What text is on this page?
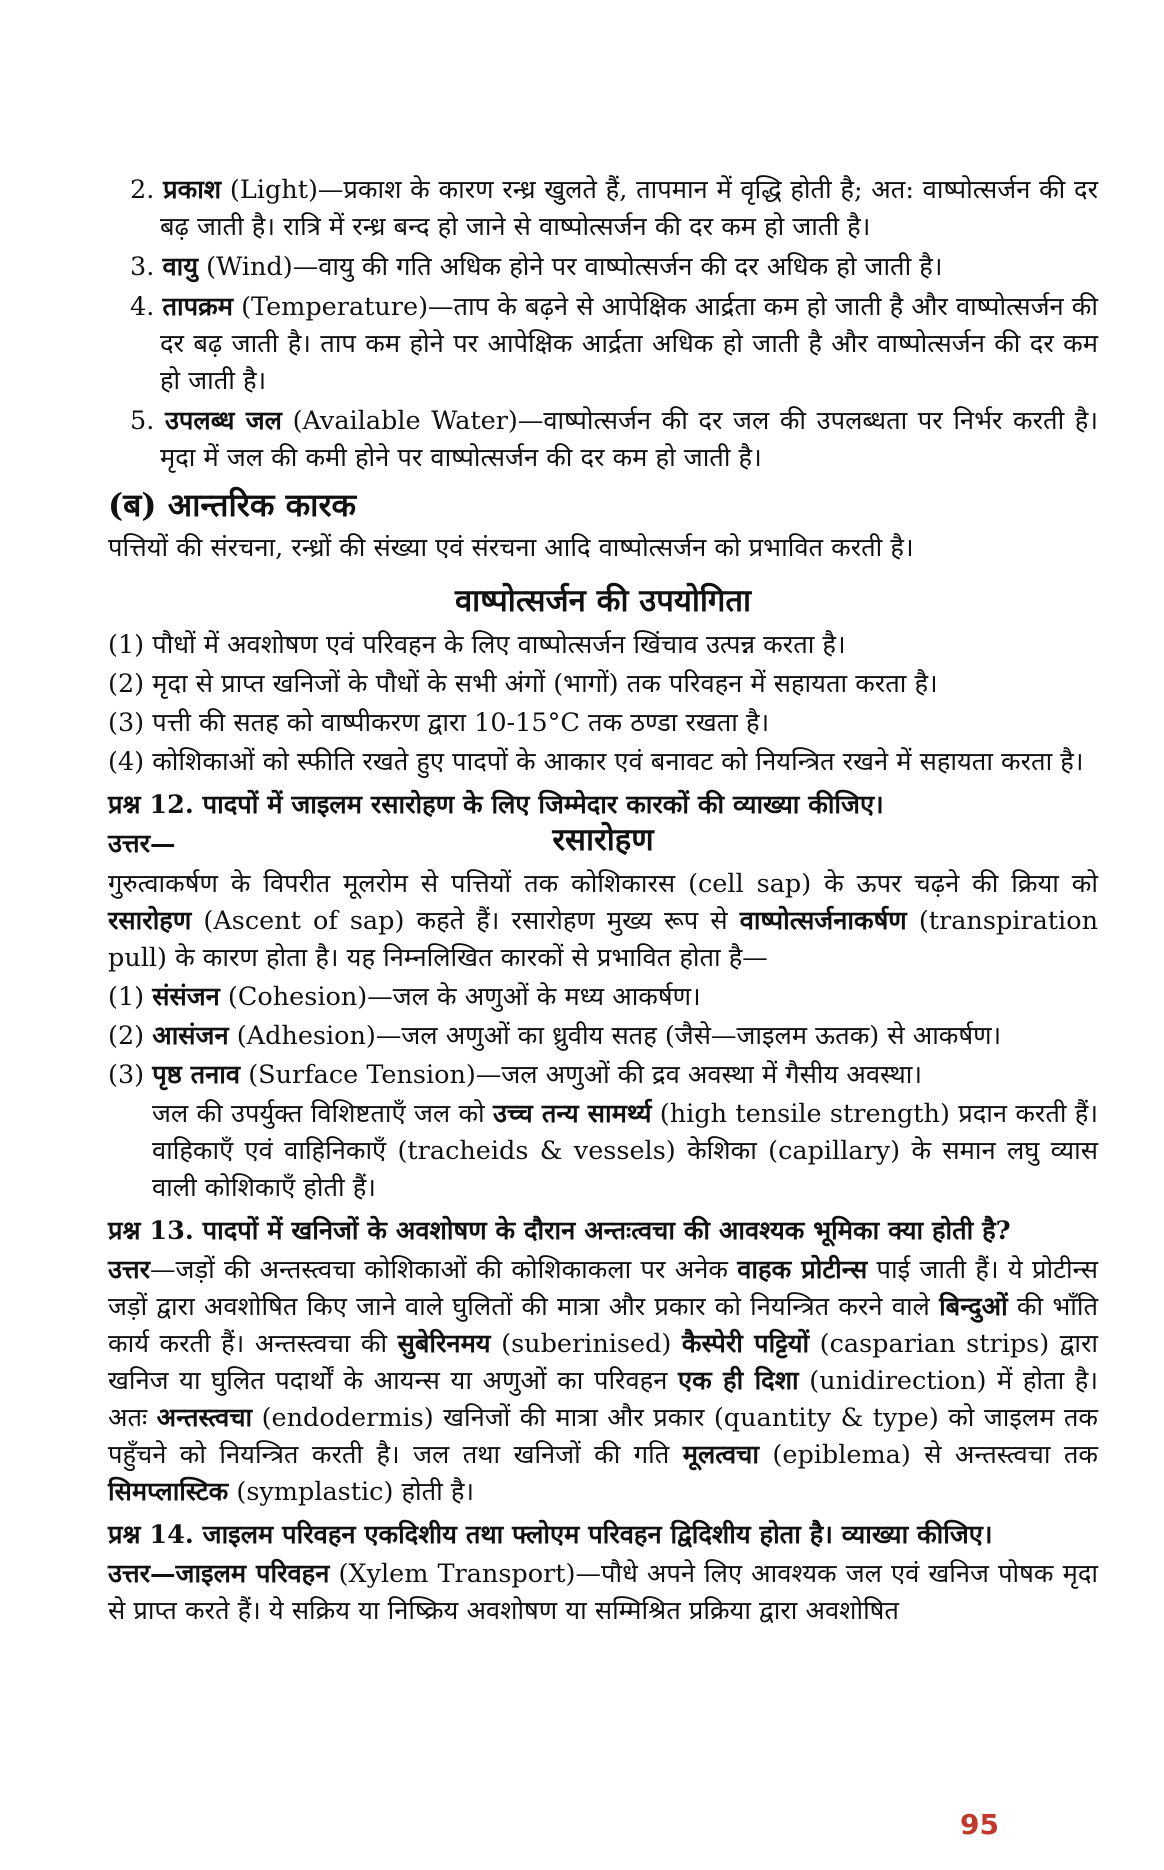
2. प्रकाश (Light)—प्रकाश के कारण रन्ध्र खुलते हैं, तापमान में वृद्धि होती है; अत: वाष्पोत्सर्जन की दर बढ़ जाती है। रात्रि में रन्ध्र बन्द हो जाने से वाष्पोत्सर्जन की दर कम हो जाती है।

3. वायु (Wind)—वायु की गति अधिक होने पर वाष्पोत्सर्जन की दर अधिक हो जाती है।

4. तापक्रम (Temperature)—ताप के बढ़ने से आपेक्षिक आर्द्रता कम हो जाती है और वाष्पोत्सर्जन की दर बढ़ जाती है। ताप कम होने पर आपेक्षिक आर्द्रता अधिक हो जाती है और वाष्पोत्सर्जन की दर कम हो जाती है।

5. उपलब्ध जल (Available Water)—वाष्पोत्सर्जन की दर जल की उपलब्धता पर निर्भर करती है। मृदा में जल की कमी होने पर वाष्पोत्सर्जन की दर कम हो जाती है।

(ब) आन्तरिक कारक

पत्तियों की संरचना, रन्ध्रों की संख्या एवं संरचना आदि वाष्पोत्सर्जन को प्रभावित करती है।

वाष्पोत्सर्जन की उपयोगिता

(1) पौधों में अवशोषण एवं परिवहन के लिए वाष्पोत्सर्जन खिंचाव उत्पन्न करता है।

(2) मृदा से प्राप्त खनिजों के पौधों के सभी अंगों (भागों) तक परिवहन में सहायता करता है।

(3) पत्ती की सतह को वाष्पीकरण द्वारा 10-15°C तक ठण्डा रखता है।

(4) कोशिकाओं को स्फीति रखते हुए पादपों के आकार एवं बनावट को नियन्त्रित रखने में सहायता करता है।

प्रश्न 12. पादपों में जाइलम रसारोहण के लिए जिम्मेदार कारकों की व्याख्या कीजिए।

उत्तर—	रसारोहण

गुरुत्वाकर्षण के विपरीत मूलरोम से पत्तियों तक कोशिकारस (cell sap) के ऊपर चढ़ने की क्रिया को रसारोहण (Ascent of sap) कहते हैं। रसारोहण मुख्य रूप से वाष्पोत्सर्जनाकर्षण (transpiration pull) के कारण होता है। यह निम्नलिखित कारकों से प्रभावित होता है—

(1) संसंजन (Cohesion)—जल के अणुओं के मध्य आकर्षण।

(2) आसंजन (Adhesion)—जल अणुओं का ध्रुवीय सतह (जैसे—जाइलम ऊतक) से आकर्षण।

(3) पृष्ठ तनाव (Surface Tension)—जल अणुओं की द्रव अवस्था में गैसीय अवस्था।

जल की उपर्युक्त विशिष्टताएँ जल को उच्च तन्य सामर्थ्य (high tensile strength) प्रदान करती हैं। वाहिकाएँ एवं वाहिनिकाएँ (tracheids & vessels) केशिका (capillary) के समान लघु व्यास वाली कोशिकाएँ होती हैं।

प्रश्न 13. पादपों में खनिजों के अवशोषण के दौरान अन्तःत्वचा की आवश्यक भूमिका क्या होती है?

उत्तर—जड़ों की अन्तस्त्वचा कोशिकाओं की कोशिकाकला पर अनेक वाहक प्रोटीन्स पाई जाती हैं। ये प्रोटीन्स जड़ों द्वारा अवशोषित किए जाने वाले घुलितों की मात्रा और प्रकार को नियन्त्रित करने वाले बिन्दुओं की भाँति कार्य करती हैं। अन्तस्त्वचा की सुबेरिनमय (suberinised) कैस्पेरी पट्टियों (casparian strips) द्वारा खनिज या घुलित पदार्थों के आयन्स या अणुओं का परिवहन एक ही दिशा (unidirection) में होता है। अतः अन्तस्त्वचा (endodermis) खनिजों की मात्रा और प्रकार (quantity & type) को जाइलम तक पहुँचने को नियन्त्रित करती है। जल तथा खनिजों की गति मूलत्वचा (epiblema) से अन्तस्त्वचा तक सिमप्लास्टिक (symplastic) होती है।

प्रश्न 14. जाइलम परिवहन एकदिशीय तथा फ्लोएम परिवहन द्विदिशीय होता है। व्याख्या कीजिए।

उत्तर—जाइलम परिवहन (Xylem Transport)—पौधे अपने लिए आवश्यक जल एवं खनिज पोषक मृदा से प्राप्त करते हैं। ये सक्रिय या निष्क्रिय अवशोषण या सम्मिश्रित प्रक्रिया द्वारा अवशोषित

95
